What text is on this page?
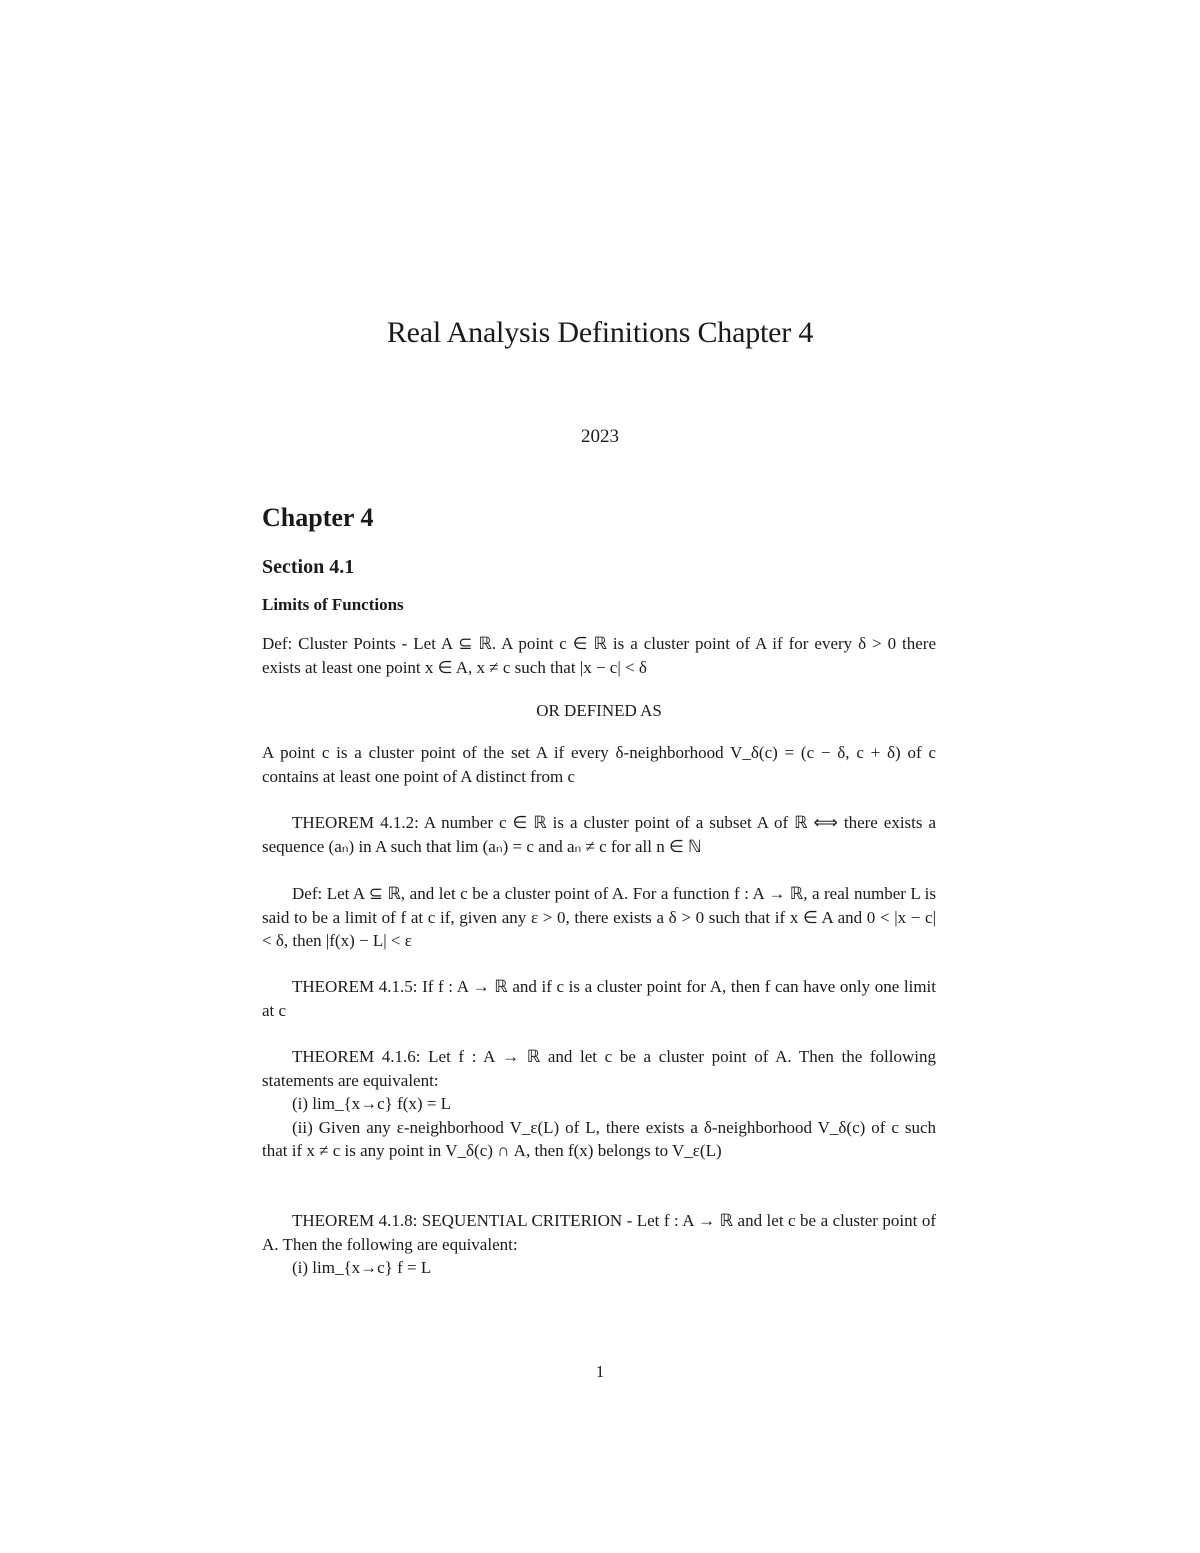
Real Analysis Definitions Chapter 4
2023
Chapter 4
Section 4.1
Limits of Functions

Def: Cluster Points - Let A ⊆ ℝ. A point c ∈ ℝ is a cluster point of A if for every δ > 0 there exists at least one point x ∈ A, x ≠ c such that |x − c| < δ

OR DEFINED AS

A point c is a cluster point of the set A if every δ-neighborhood V_δ(c) = (c − δ, c + δ) of c contains at least one point of A distinct from c

THEOREM 4.1.2: A number c ∈ ℝ is a cluster point of a subset A of ℝ ⟺ there exists a sequence (aₙ) in A such that lim (aₙ) = c and aₙ ≠ c for all n ∈ ℕ

Def: Let A ⊆ ℝ, and let c be a cluster point of A. For a function f : A → ℝ, a real number L is said to be a limit of f at c if, given any ε > 0, there exists a δ > 0 such that if x ∈ A and 0 < |x − c| < δ, then |f(x) − L| < ε

THEOREM 4.1.5: If f : A → ℝ and if c is a cluster point for A, then f can have only one limit at c

THEOREM 4.1.6: Let f : A → ℝ and let c be a cluster point of A. Then the following statements are equivalent:

(i) lim_{x→c} f(x) = L

(ii) Given any ε-neighborhood V_ε(L) of L, there exists a δ-neighborhood V_δ(c) of c such that if x ≠ c is any point in V_δ(c) ∩ A, then f(x) belongs to V_ε(L)

THEOREM 4.1.8: SEQUENTIAL CRITERION - Let f : A → ℝ and let c be a cluster point of A. Then the following are equivalent:

(i) lim_{x→c} f = L

1
